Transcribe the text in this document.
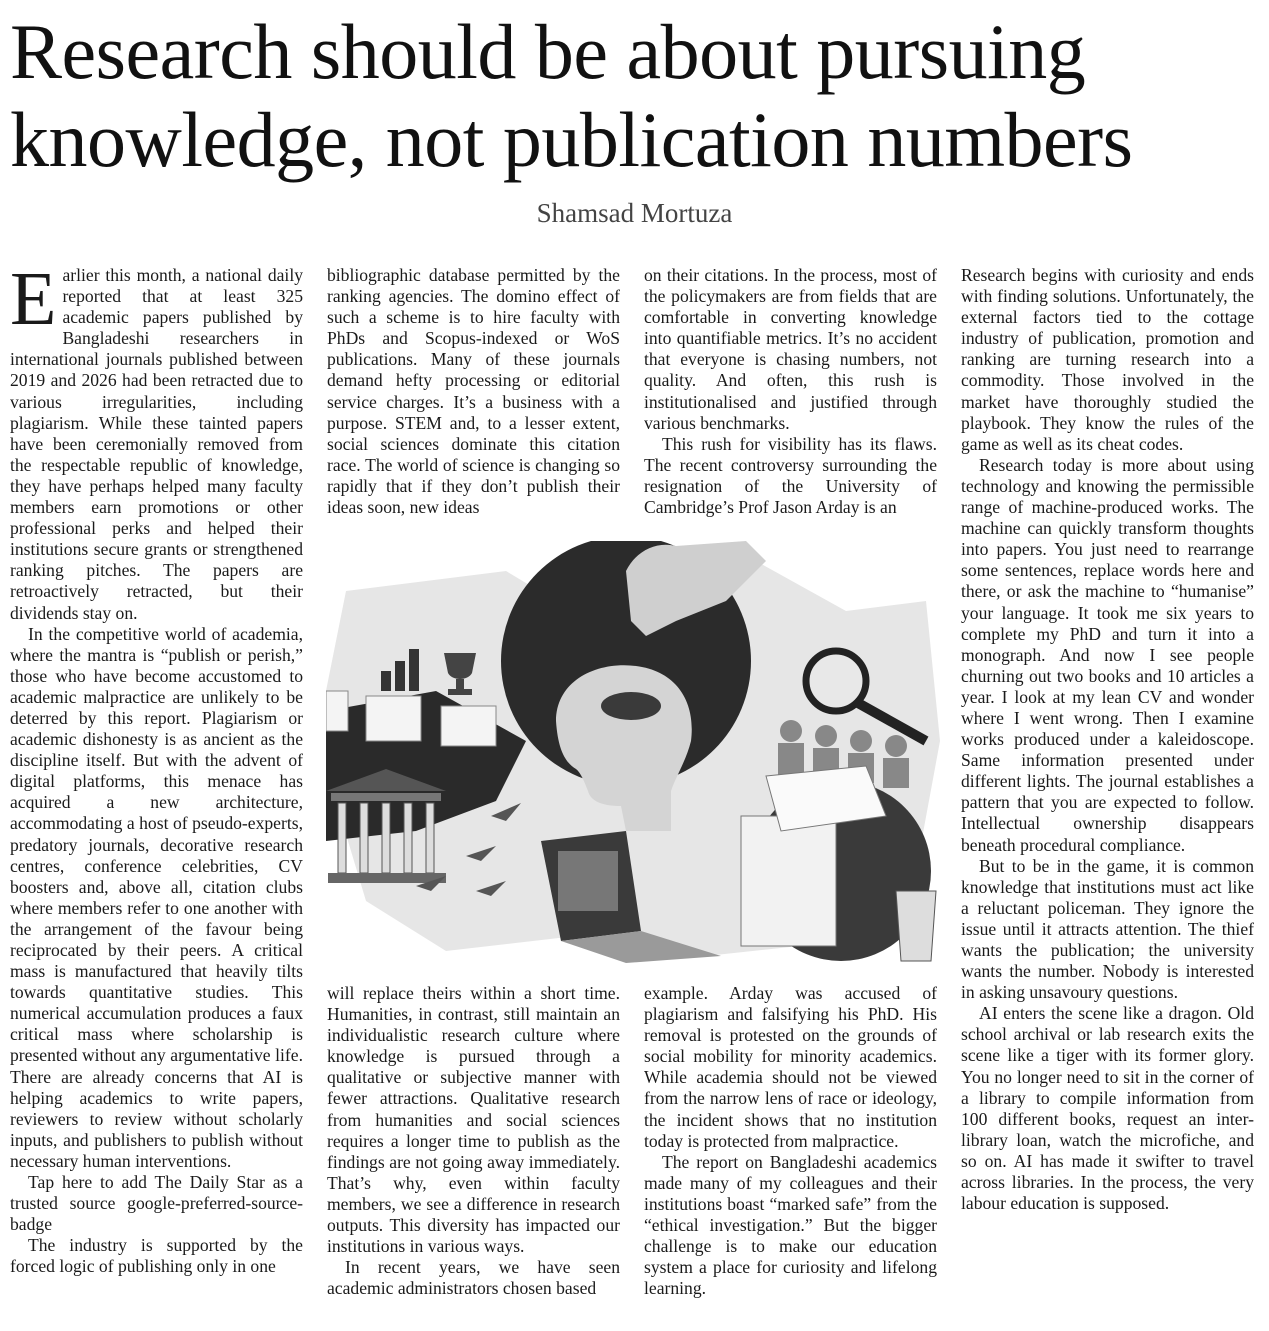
Research should be about pursuing knowledge, not publication numbers
Shamsad Mortuza

Earlier this month, a national daily reported that at least 325 academic papers published by Bangladeshi researchers in international journals published between 2019 and 2026 had been retracted due to various irregularities, including plagiarism. While these tainted papers have been ceremonially removed from the respectable republic of knowledge, they have perhaps helped many faculty members earn promotions or other professional perks and helped their institutions secure grants or strengthened ranking pitches. The papers are retroactively retracted, but their dividends stay on.

In the competitive world of academia, where the mantra is “publish or perish,” those who have become accustomed to academic malpractice are unlikely to be deterred by this report. Plagiarism or academic dishonesty is as ancient as the discipline itself. But with the advent of digital platforms, this menace has acquired a new architecture, accommodating a host of pseudo-experts, predatory journals, decorative research centres, conference celebrities, CV boosters and, above all, citation clubs where members refer to one another with the arrangement of the favour being reciprocated by their peers. A critical mass is manufactured that heavily tilts towards quantitative studies. This numerical accumulation produces a faux critical mass where scholarship is presented without any argumentative life. There are already concerns that AI is helping academics to write papers, reviewers to review without scholarly inputs, and publishers to publish without necessary human interventions.

Tap here to add The Daily Star as a trusted source google-preferred-source-badge

The industry is supported by the forced logic of publishing only in one

bibliographic database permitted by the ranking agencies. The domino effect of such a scheme is to hire faculty with PhDs and Scopus-indexed or WoS publications. Many of these journals demand hefty processing or editorial service charges. It’s a business with a purpose. STEM and, to a lesser extent, social sciences dominate this citation race. The world of science is changing so rapidly that if they don’t publish their ideas soon, new ideas

on their citations. In the process, most of the policymakers are from fields that are comfortable in converting knowledge into quantifiable metrics. It’s no accident that everyone is chasing numbers, not quality. And often, this rush is institutionalised and justified through various benchmarks.

This rush for visibility has its flaws. The recent controversy surrounding the resignation of the University of Cambridge’s Prof Jason Arday is an

will replace theirs within a short time. Humanities, in contrast, still maintain an individualistic research culture where knowledge is pursued through a qualitative or subjective manner with fewer attractions. Qualitative research from humanities and social sciences requires a longer time to publish as the findings are not going away immediately. That’s why, even within faculty members, we see a difference in research outputs. This diversity has impacted our institutions in various ways.

In recent years, we have seen academic administrators chosen based

example. Arday was accused of plagiarism and falsifying his PhD. His removal is protested on the grounds of social mobility for minority academics. While academia should not be viewed from the narrow lens of race or ideology, the incident shows that no institution today is protected from malpractice.

The report on Bangladeshi academics made many of my colleagues and their institutions boast “marked safe” from the “ethical investigation.” But the bigger challenge is to make our education system a place for curiosity and lifelong learning.

Research begins with curiosity and ends with finding solutions. Unfortunately, the external factors tied to the cottage industry of publication, promotion and ranking are turning research into a commodity. Those involved in the market have thoroughly studied the playbook. They know the rules of the game as well as its cheat codes.

Research today is more about using technology and knowing the permissible range of machine-produced works. The machine can quickly transform thoughts into papers. You just need to rearrange some sentences, replace words here and there, or ask the machine to “humanise” your language. It took me six years to complete my PhD and turn it into a monograph. And now I see people churning out two books and 10 articles a year. I look at my lean CV and wonder where I went wrong. Then I examine works produced under a kaleidoscope. Same information presented under different lights. The journal establishes a pattern that you are expected to follow. Intellectual ownership disappears beneath procedural compliance.

But to be in the game, it is common knowledge that institutions must act like a reluctant policeman. They ignore the issue until it attracts attention. The thief wants the publication; the university wants the number. Nobody is interested in asking unsavoury questions.

AI enters the scene like a dragon. Old school archival or lab research exits the scene like a tiger with its former glory. You no longer need to sit in the corner of a library to compile information from 100 different books, request an inter-library loan, watch the microfiche, and so on. AI has made it swifter to travel across libraries. In the process, the very labour education is supposed.
